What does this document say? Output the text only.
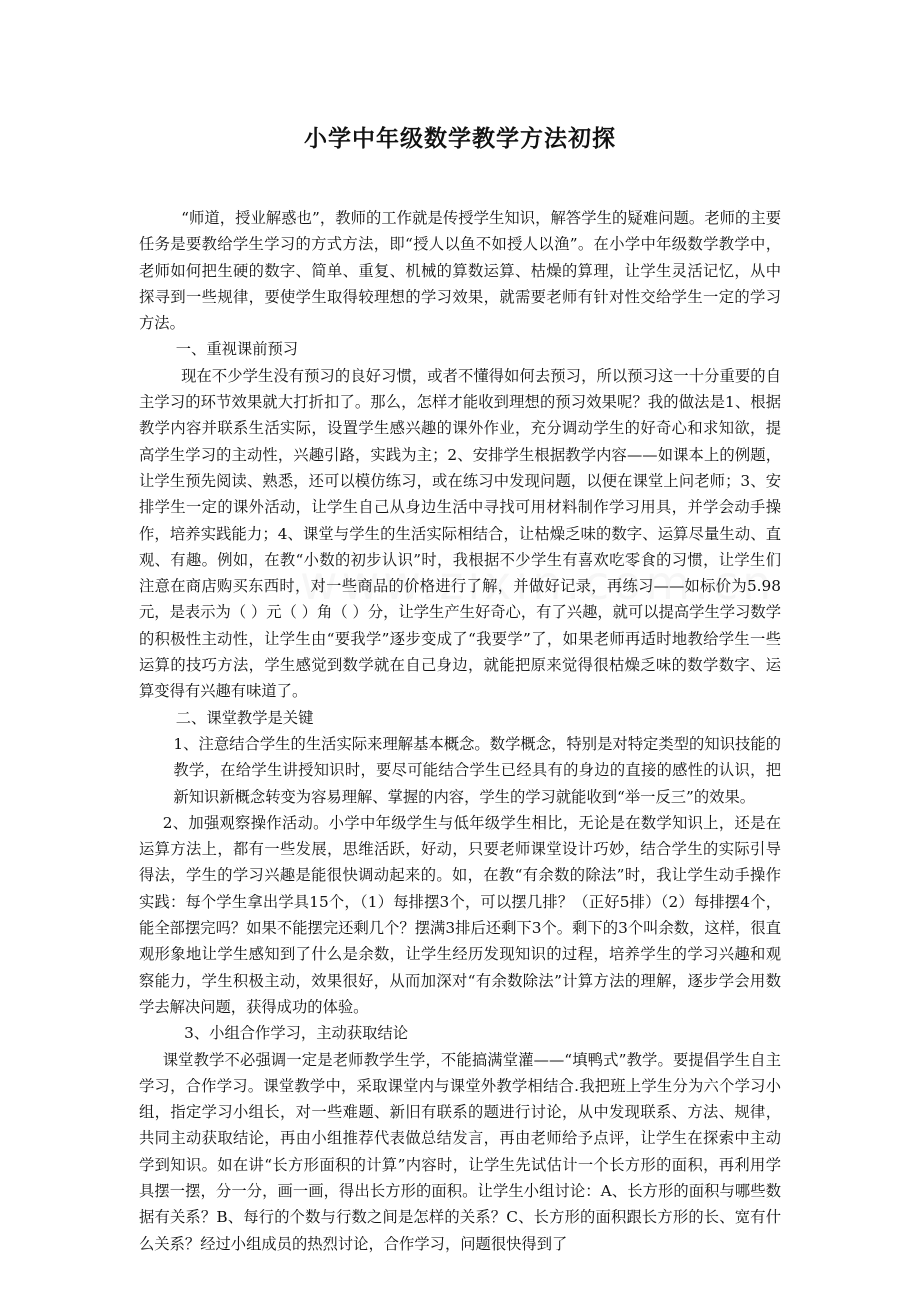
小学中年级数学教学方法初探

“师道，授业解惑也”，教师的工作就是传授学生知识，解答学生的疑难问题。老师的主要任务是要教给学生学习的方式方法，即“授人以鱼不如授人以渔”。在小学中年级数学教学中，老师如何把生硬的数字、简单、重复、机械的算数运算、枯燥的算理，让学生灵活记忆，从中探寻到一些规律，要使学生取得较理想的学习效果，就需要老师有针对性交给学生一定的学习方法。

一、重视课前预习

现在不少学生没有预习的良好习惯，或者不懂得如何去预习，所以预习这一十分重要的自主学习的环节效果就大打折扣了。那么，怎样才能收到理想的预习效果呢？我的做法是1、根据教学内容并联系生活实际，设置学生感兴趣的课外作业，充分调动学生的好奇心和求知欲，提高学生学习的主动性，兴趣引路，实践为主；2、安排学生根据教学内容——如课本上的例题，让学生预先阅读、熟悉，还可以模仿练习，或在练习中发现问题，以便在课堂上问老师；3、安排学生一定的课外活动，让学生自己从身边生活中寻找可用材料制作学习用具，并学会动手操作，培养实践能力；4、课堂与学生的生活实际相结合，让枯燥乏味的数字、运算尽量生动、直观、有趣。例如，在教“小数的初步认识”时，我根据不少学生有喜欢吃零食的习惯，让学生们注意在商店购买东西时，对一些商品的价格进行了解，并做好记录，再练习——如标价为5.98元，是表示为（ ）元（ ）角（ ）分，让学生产生好奇心，有了兴趣，就可以提高学生学习数学的积极性主动性，让学生由“要我学”逐步变成了“我要学”了，如果老师再适时地教给学生一些运算的技巧方法，学生感觉到数学就在自己身边，就能把原来觉得很枯燥乏味的数学数字、运算变得有兴趣有味道了。

二、课堂教学是关键

1、注意结合学生的生活实际来理解基本概念。数学概念，特别是对特定类型的知识技能的教学，在给学生讲授知识时，要尽可能结合学生已经具有的身边的直接的感性的认识，把新知识新概念转变为容易理解、掌握的内容，学生的学习就能收到“举一反三”的效果。

2、加强观察操作活动。小学中年级学生与低年级学生相比，无论是在数学知识上，还是在运算方法上，都有一些发展，思维活跃，好动，只要老师课堂设计巧妙，结合学生的实际引导得法，学生的学习兴趣是能很快调动起来的。如，在教“有余数的除法”时，我让学生动手操作实践：每个学生拿出学具15个，（1）每排摆3个，可以摆几排？（正好5排）（2）每排摆4个，能全部摆完吗？如果不能摆完还剩几个？摆满3排后还剩下3个。剩下的3个叫余数，这样，很直观形象地让学生感知到了什么是余数，让学生经历发现知识的过程，培养学生的学习兴趣和观察能力，学生积极主动，效果很好，从而加深对“有余数除法”计算方法的理解，逐步学会用数学去解决问题，获得成功的体验。

3、小组合作学习，主动获取结论

课堂教学不必强调一定是老师教学生学，不能搞满堂灌——“填鸭式”教学。要提倡学生自主学习，合作学习。课堂教学中，采取课堂内与课堂外教学相结合.我把班上学生分为六个学习小组，指定学习小组长，对一些难题、新旧有联系的题进行讨论，从中发现联系、方法、规律，共同主动获取结论，再由小组推荐代表做总结发言，再由老师给予点评，让学生在探索中主动学到知识。如在讲“长方形面积的计算”内容时，让学生先试估计一个长方形的面积，再利用学具摆一摆，分一分，画一画，得出长方形的面积。让学生小组讨论：A、长方形的面积与哪些数据有关系？B、每行的个数与行数之间是怎样的关系？C、长方形的面积跟长方形的长、宽有什么关系？经过小组成员的热烈讨论，合作学习，问题很快得到了
